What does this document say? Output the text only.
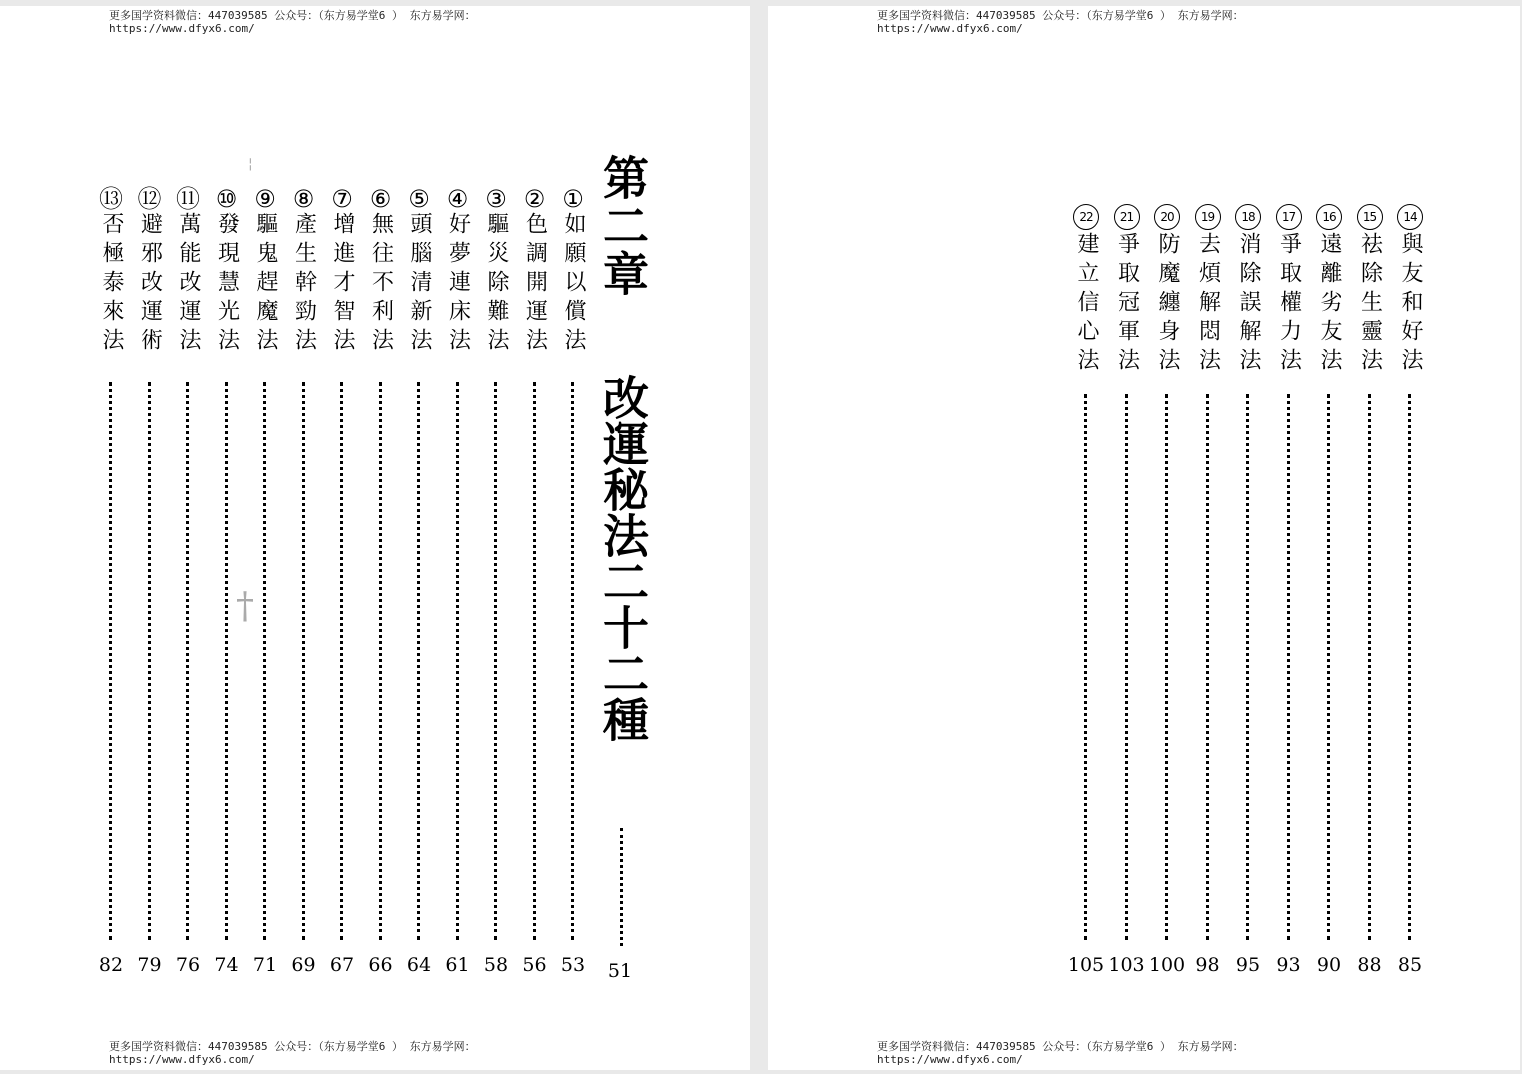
更多国学资料微信：447039585 公众号：（东方易学堂6 ） 东方易学网：
https://www.dfyx6.com/
第二章
改運秘法二十二種
51
¦
†
①
如願以償法
53
②
色調開運法
56
③
驅災除難法
58
④
好夢連床法
61
⑤
頭腦清新法
64
⑥
無往不利法
66
⑦
增進才智法
67
⑧
產生幹勁法
69
⑨
驅鬼趕魔法
71
⑩
發現慧光法
74
⑪
萬能改運法
76
⑫
避邪改運術
79
⑬
否極泰來法
82
更多国学资料微信：447039585 公众号：（东方易学堂6 ） 东方易学网：
https://www.dfyx6.com/
更多国学资料微信：447039585 公众号：（东方易学堂6 ） 东方易学网：
https://www.dfyx6.com/
14
與友和好法
85
15
祛除生靈法
88
16
遠離劣友法
90
17
爭取權力法
93
18
消除誤解法
95
19
去煩解悶法
98
20
防魔纏身法
100
21
爭取冠軍法
103
22
建立信心法
105
更多国学资料微信：447039585 公众号：（东方易学堂6 ） 东方易学网：
https://www.dfyx6.com/
